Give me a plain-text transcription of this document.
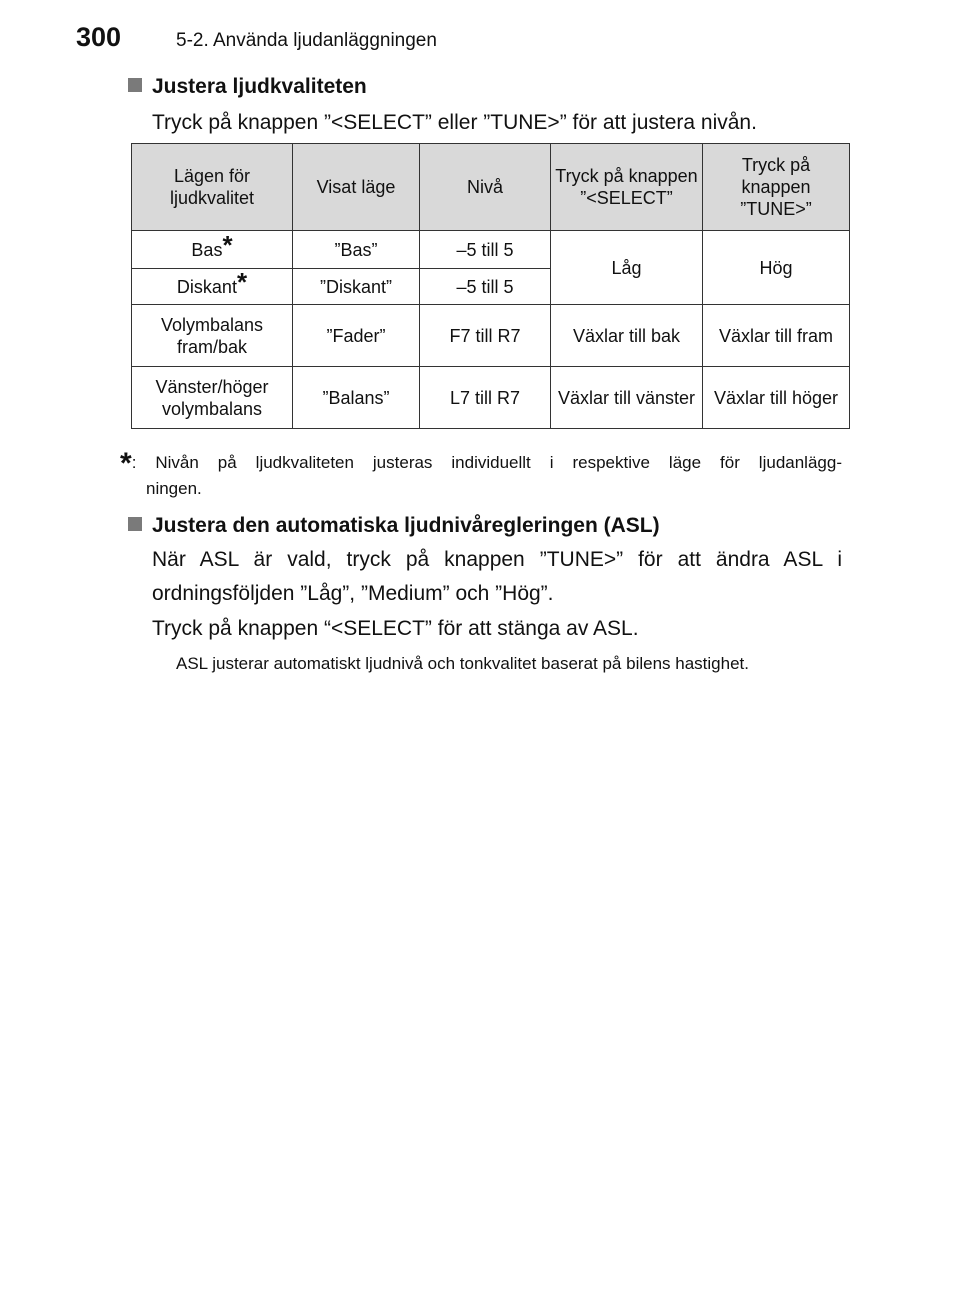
300	5-2. Använda ljudanläggningen
Justera ljudkvaliteten
Tryck på knappen ”<SELECT” eller ”TUNE>” för att justera nivån.
Lägen för ljudkvalitet	Visat läge	Nivå	Tryck på knappen ”<SELECT”	Tryck på knappen ”TUNE>”
Bas*	”Bas”	–5 till 5	Låg	Hög
Diskant*	”Diskant”	–5 till 5		
Volymbalans fram/bak	”Fader”	F7 till R7	Växlar till bak	Växlar till fram
Vänster/höger volymbalans	”Balans”	L7 till R7	Växlar till vänster	Växlar till höger
*: Nivån på ljudkvaliteten justeras individuellt i respektive läge för ljudanlägg-
ningen.
Justera den automatiska ljudnivåregleringen (ASL)
När ASL är vald, tryck på knappen ”TUNE>” för att ändra ASL i
ordningsföljden ”Låg”, ”Medium” och ”Hög”.
Tryck på knappen “<SELECT” för att stänga av ASL.
ASL justerar automatiskt ljudnivå och tonkvalitet baserat på bilens hastighet.
